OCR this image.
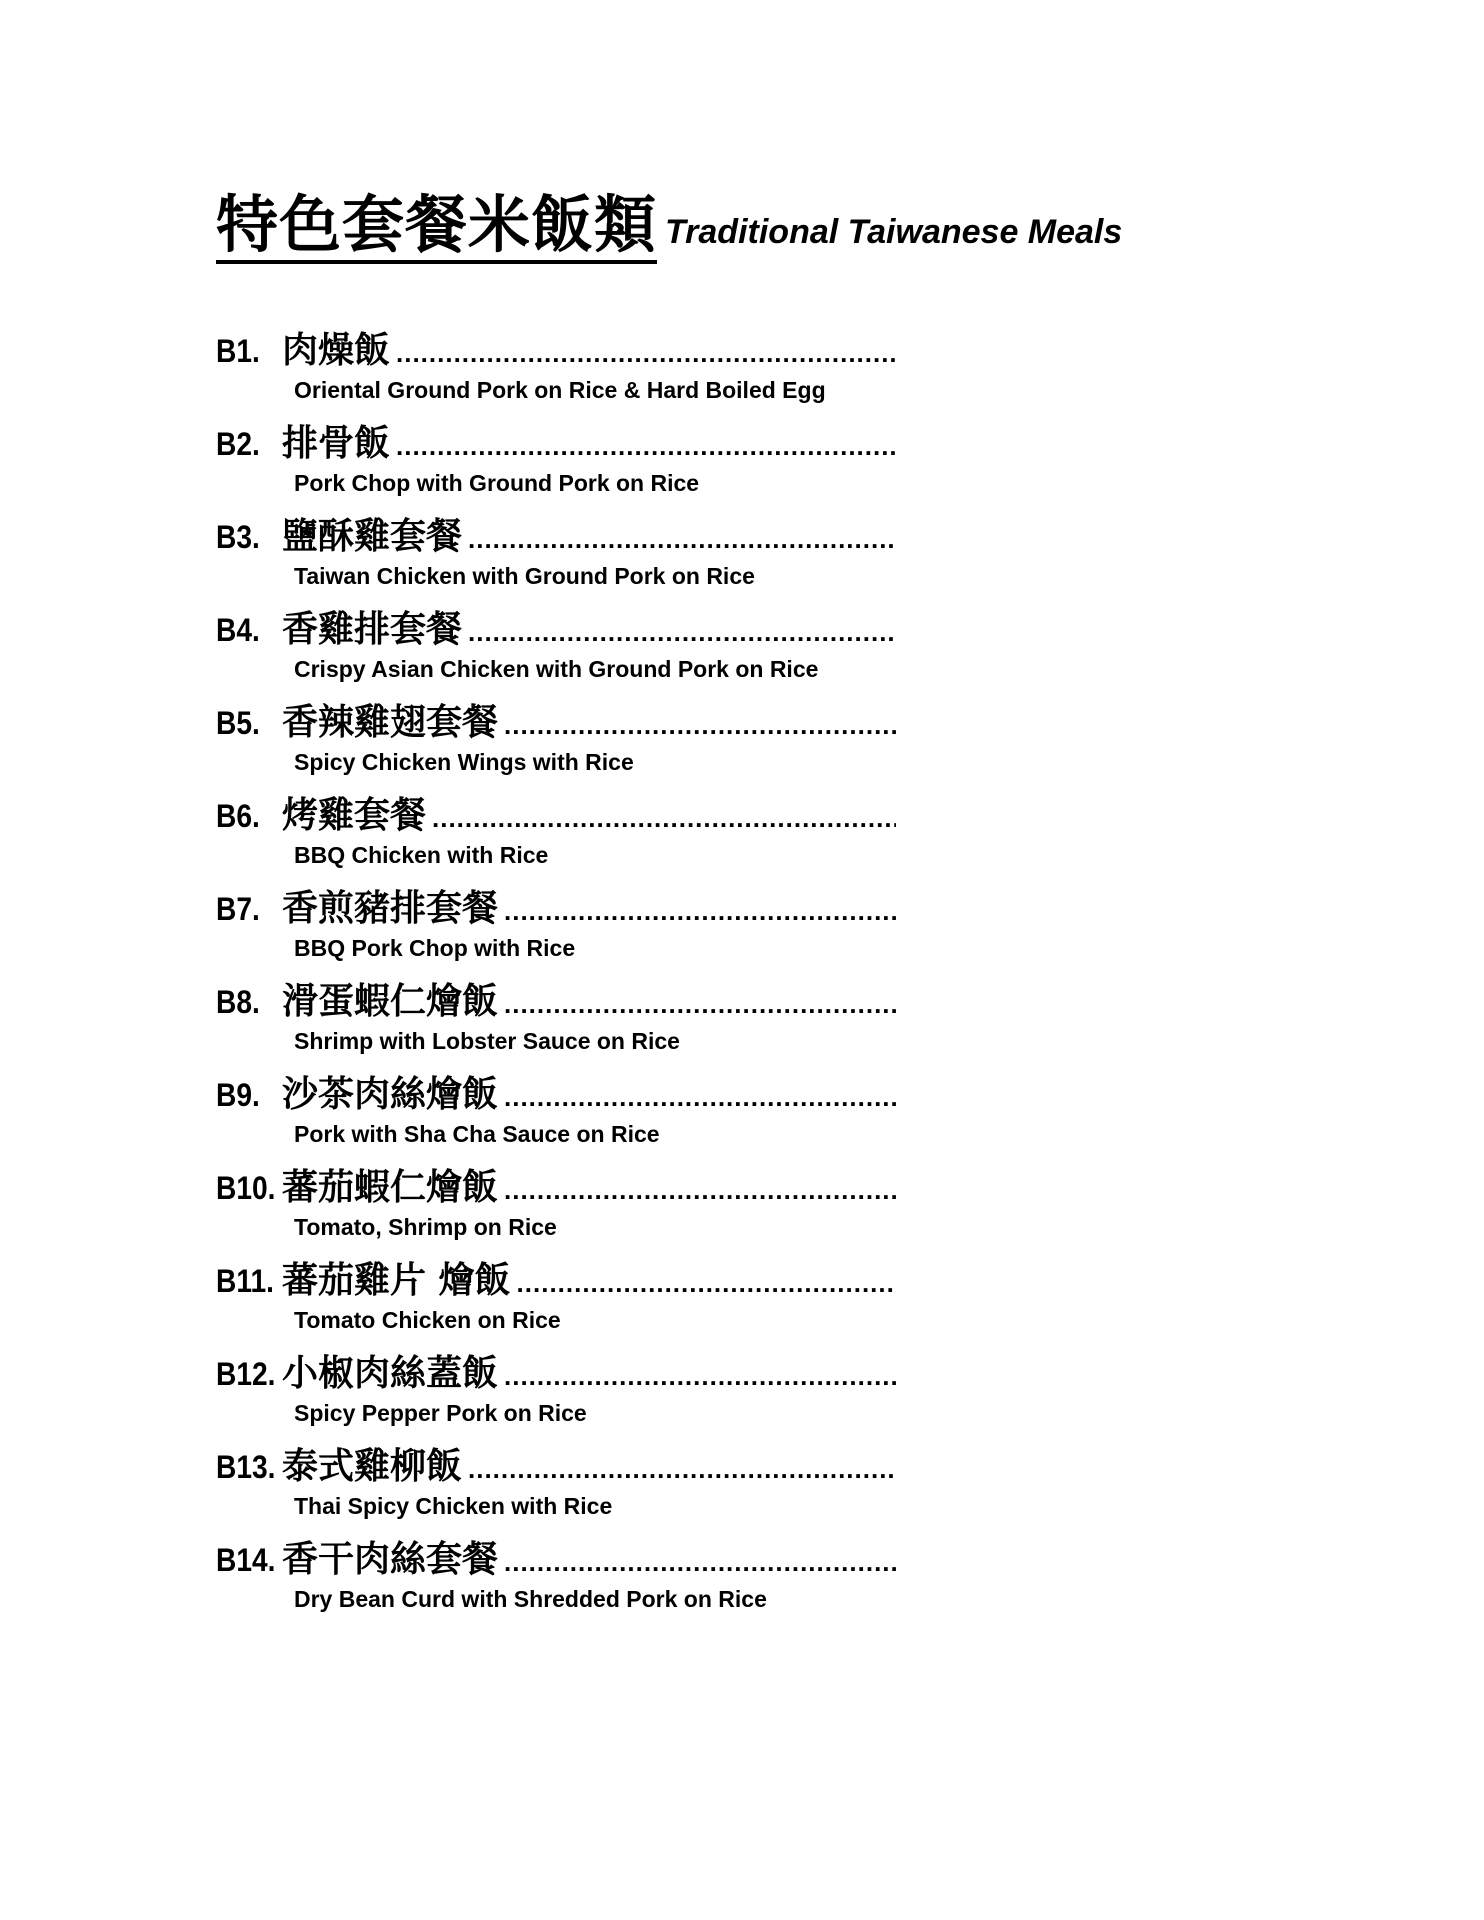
特色套餐米飯類 Traditional Taiwanese Meals
B1. 肉燥飯
.....
Oriental Ground Pork on Rice & Hard Boiled Egg
B2. 排骨飯
.....
Pork Chop with Ground Pork on Rice
B3. 鹽酥雞套餐
.....
Taiwan Chicken with Ground Pork on Rice
B4. 香雞排套餐
.....
Crispy Asian Chicken with Ground Pork on Rice
B5. 香辣雞翅套餐
.....
Spicy Chicken Wings with Rice
B6. 烤雞套餐
.....
BBQ Chicken with Rice
B7. 香煎豬排套餐
.....
BBQ Pork Chop with Rice
B8. 滑蛋蝦仁燴飯
.....
Shrimp with Lobster Sauce on Rice
B9. 沙茶肉絲燴飯
.....
Pork with Sha Cha Sauce on Rice
B10. 蕃茄蝦仁燴飯
.....
Tomato, Shrimp on Rice
B11. 蕃茄雞片 燴飯
.....
Tomato Chicken on Rice
B12. 小椒肉絲蓋飯
.....
Spicy Pepper Pork on Rice
B13. 泰式雞柳飯
.....
Thai Spicy Chicken with Rice
B14. 香干肉絲套餐
.....
Dry Bean Curd with Shredded Pork on Rice
